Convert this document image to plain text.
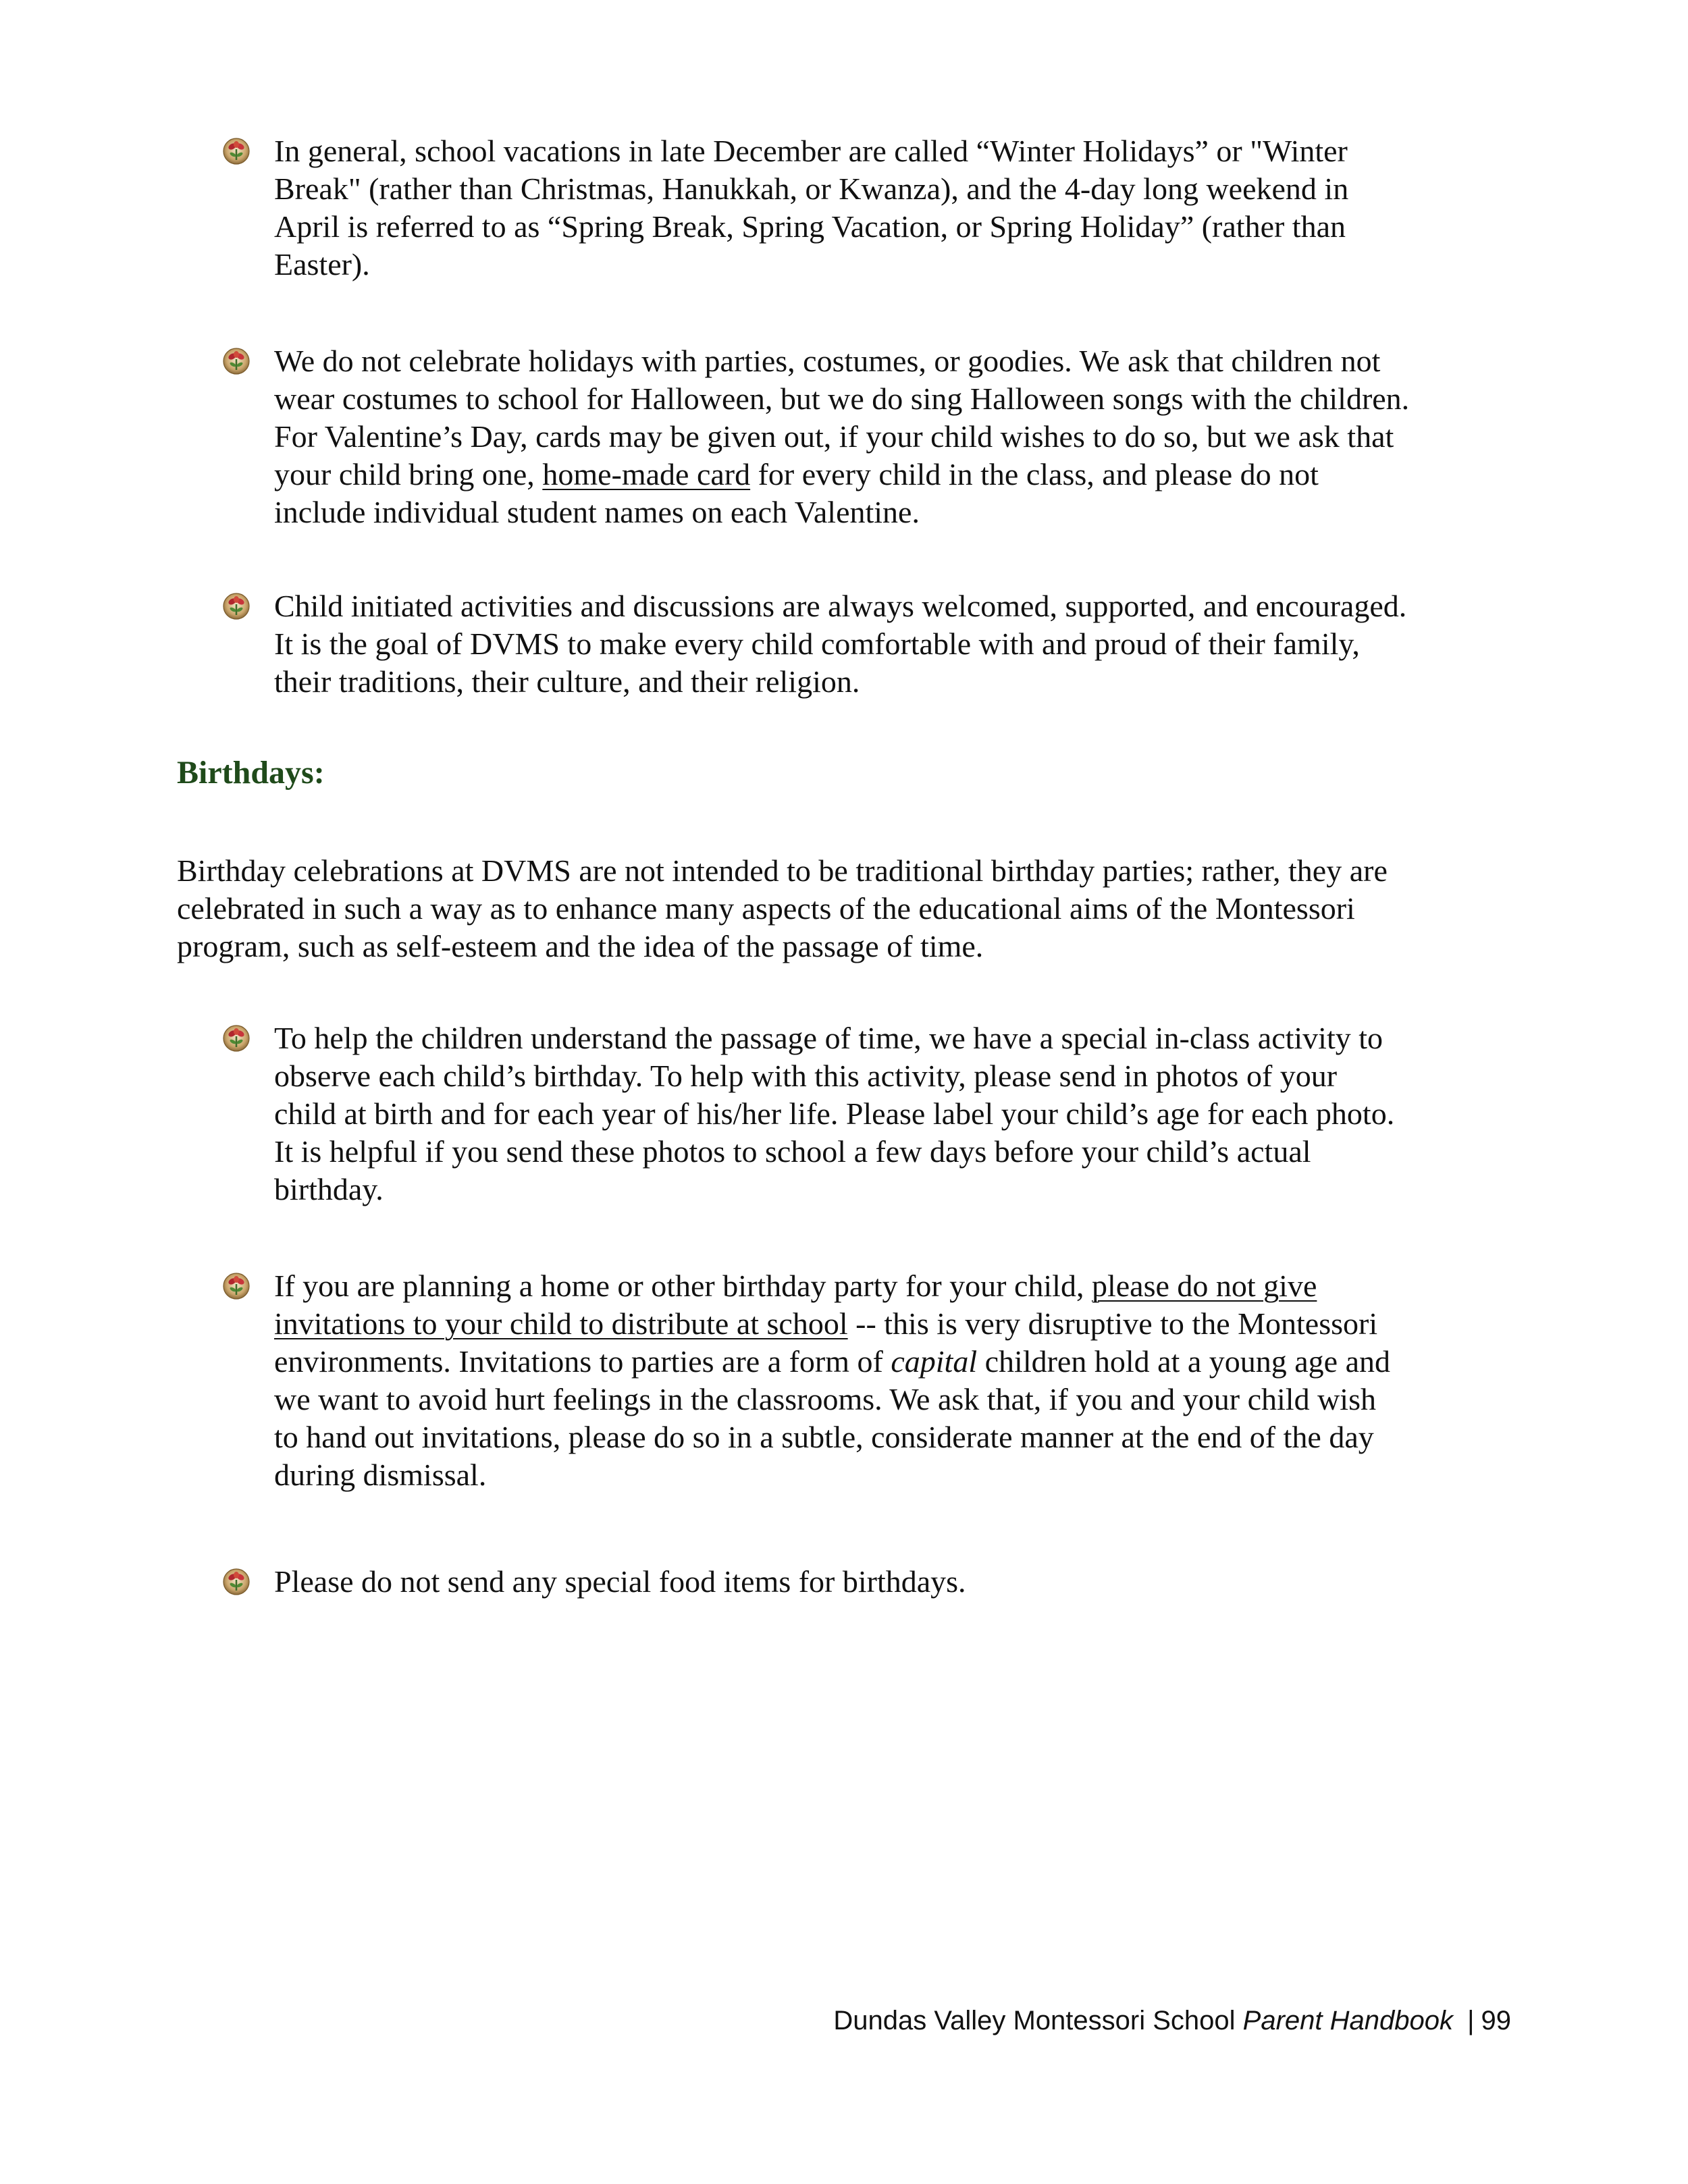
In general, school vacations in late December are called “Winter Holidays” or "Winter
Break" (rather than Christmas, Hanukkah, or Kwanza), and the 4-day long weekend in
April is referred to as “Spring Break, Spring Vacation, or Spring Holiday” (rather than
Easter).
We do not celebrate holidays with parties, costumes, or goodies. We ask that children not
wear costumes to school for Halloween, but we do sing Halloween songs with the children.
For Valentine’s Day, cards may be given out, if your child wishes to do so, but we ask that
your child bring one, home-made card for every child in the class, and please do not
include individual student names on each Valentine.
Child initiated activities and discussions are always welcomed, supported, and encouraged.
It is the goal of DVMS to make every child comfortable with and proud of their family,
their traditions, their culture, and their religion.
Birthdays:
Birthday celebrations at DVMS are not intended to be traditional birthday parties; rather, they are
celebrated in such a way as to enhance many aspects of the educational aims of the Montessori
program, such as self-esteem and the idea of the passage of time.
To help the children understand the passage of time, we have a special in-class activity to
observe each child’s birthday. To help with this activity, please send in photos of your
child at birth and for each year of his/her life. Please label your child’s age for each photo.
It is helpful if you send these photos to school a few days before your child’s actual
birthday.
If you are planning a home or other birthday party for your child, please do not give
invitations to your child to distribute at school -- this is very disruptive to the Montessori
environments. Invitations to parties are a form of capital children hold at a young age and
we want to avoid hurt feelings in the classrooms. We ask that, if you and your child wish
to hand out invitations, please do so in a subtle, considerate manner at the end of the day
during dismissal.
Please do not send any special food items for birthdays.
Dundas Valley Montessori School Parent Handbook | 99
